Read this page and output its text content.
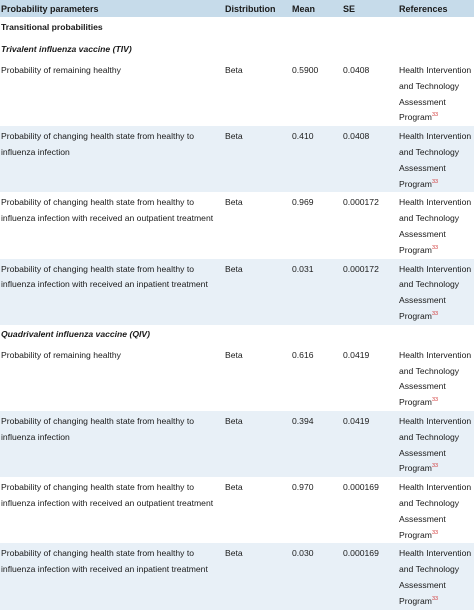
Probability parameters	Distribution	Mean	SE	References
Transitional probabilities				
Trivalent influenza vaccine (TIV)				
Probability of remaining healthy	Beta	0.5900	0.0408	Health Intervention
and Technology
Assessment
Program$^{33}$

Probability of changing health state from healthy to influenza infection	Beta	0.410	0.0408	Health Intervention
and Technology
Assessment
Program$^{33}$

Probability of changing health state from healthy to influenza infection with received an outpatient treatment	Beta	0.969	0.000172	Health Intervention
and Technology
Assessment
Program$^{33}$

Probability of changing health state from healthy to influenza infection with received an inpatient treatment	Beta	0.031	0.000172	Health Intervention
and Technology
Assessment
Program$^{33}$

Quadrivalent influenza vaccine (QIV)				
Probability of remaining healthy	Beta	0.616	0.0419	Health Intervention
and Technology
Assessment
Program$^{33}$

Probability of changing health state from healthy to influenza infection	Beta	0.394	0.0419	Health Intervention
and Technology
Assessment
Program$^{33}$

Probability of changing health state from healthy to influenza infection with received an outpatient treatment	Beta	0.970	0.000169	Health Intervention
and Technology
Assessment
Program$^{33}$

Probability of changing health state from healthy to influenza infection with received an inpatient treatment	Beta	0.030	0.000169	Health Intervention
and Technology
Assessment
Program$^{33}$
